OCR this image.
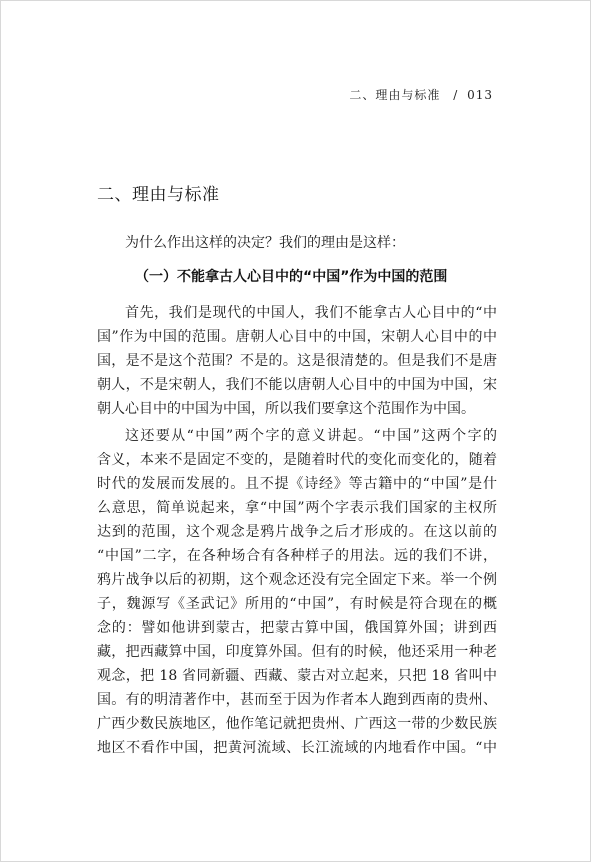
二、理由与标准 / 013
二、理由与标准
为什么作出这样的决定？我们的理由是这样：
（一）不能拿古人心目中的“中国”作为中国的范围
首先，我们是现代的中国人，我们不能拿古人心目中的“中
国”作为中国的范围。唐朝人心目中的中国，宋朝人心目中的中
国，是不是这个范围？不是的。这是很清楚的。但是我们不是唐
朝人，不是宋朝人，我们不能以唐朝人心目中的中国为中国，宋
朝人心目中的中国为中国，所以我们要拿这个范围作为中国。
这还要从“中国”两个字的意义讲起。“中国”这两个字的
含义，本来不是固定不变的，是随着时代的变化而变化的，随着
时代的发展而发展的。且不提《诗经》等古籍中的“中国”是什
么意思，简单说起来，拿“中国”两个字表示我们国家的主权所
达到的范围，这个观念是鸦片战争之后才形成的。在这以前的
“中国”二字，在各种场合有各种样子的用法。远的我们不讲，
鸦片战争以后的初期，这个观念还没有完全固定下来。举一个例
子，魏源写《圣武记》所用的“中国”，有时候是符合现在的概
念的：譬如他讲到蒙古，把蒙古算中国，俄国算外国；讲到西
藏，把西藏算中国，印度算外国。但有的时候，他还采用一种老
观念，把 18 省同新疆、西藏、蒙古对立起来，只把 18 省叫中
国。有的明清著作中，甚而至于因为作者本人跑到西南的贵州、
广西少数民族地区，他作笔记就把贵州、广西这一带的少数民族
地区不看作中国，把黄河流域、长江流域的内地看作中国。“中
